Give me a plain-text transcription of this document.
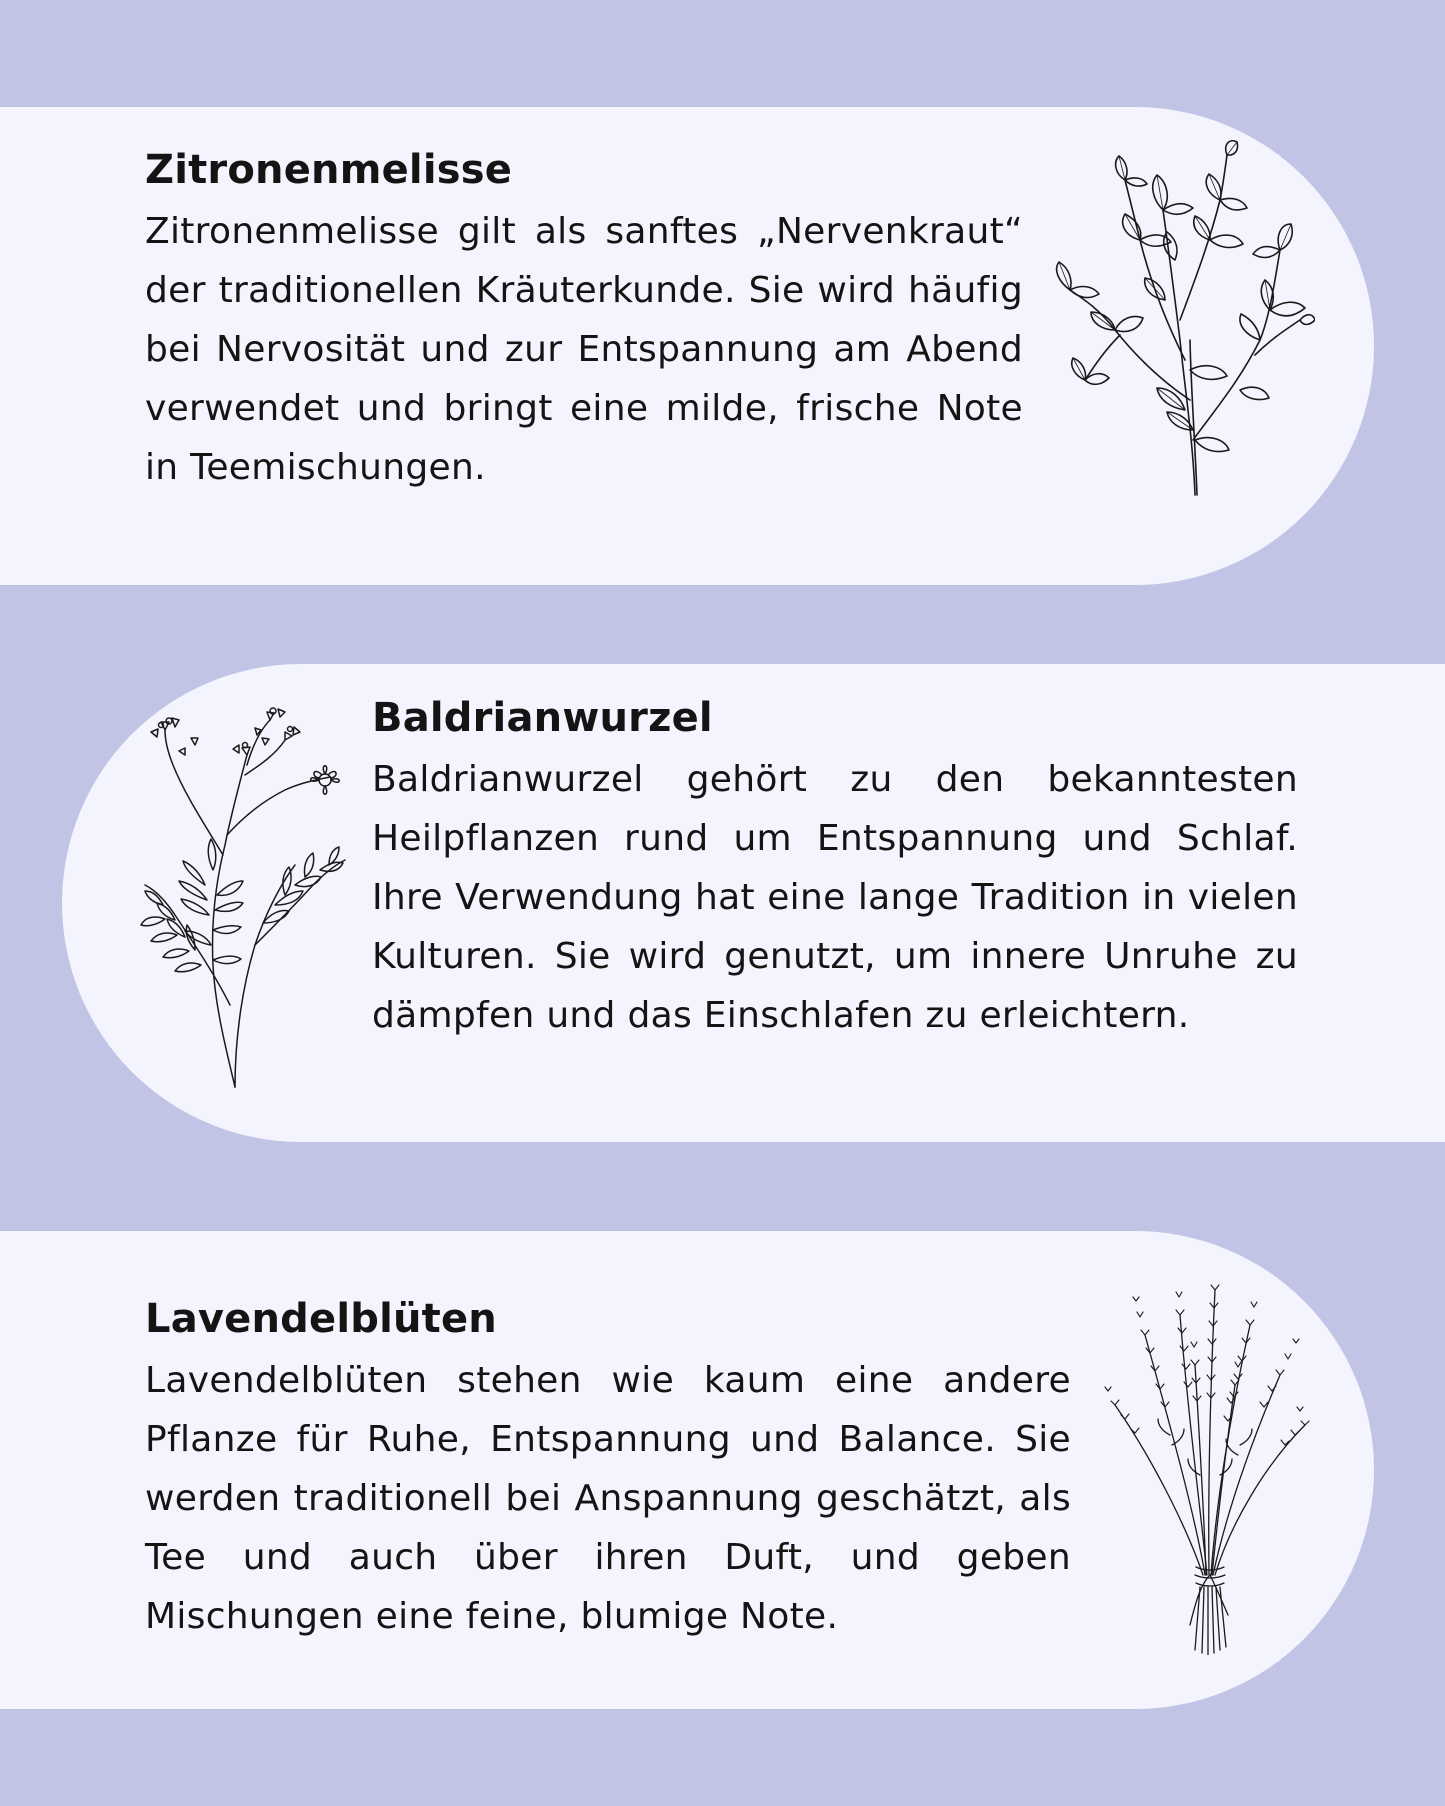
Zitronenmelisse

Zitronenmelisse gilt als sanftes „Nervenkraut“ der traditionellen Kräuterkunde. Sie wird häufig bei Nervosität und zur Entspannung am Abend verwendet und bringt eine milde, frische Note in Teemischungen.

Baldrianwurzel

Baldrianwurzel gehört zu den bekanntesten Heilpflanzen rund um Entspannung und Schlaf. Ihre Verwendung hat eine lange Tradition in vielen Kulturen. Sie wird genutzt, um innere Unruhe zu dämpfen und das Einschlafen zu erleichtern.

Lavendelblüten

Lavendelblüten stehen wie kaum eine andere Pflanze für Ruhe, Entspannung und Balance. Sie werden traditionell bei Anspannung geschätzt, als Tee und auch über ihren Duft, und geben Mischungen eine feine, blumige Note.
